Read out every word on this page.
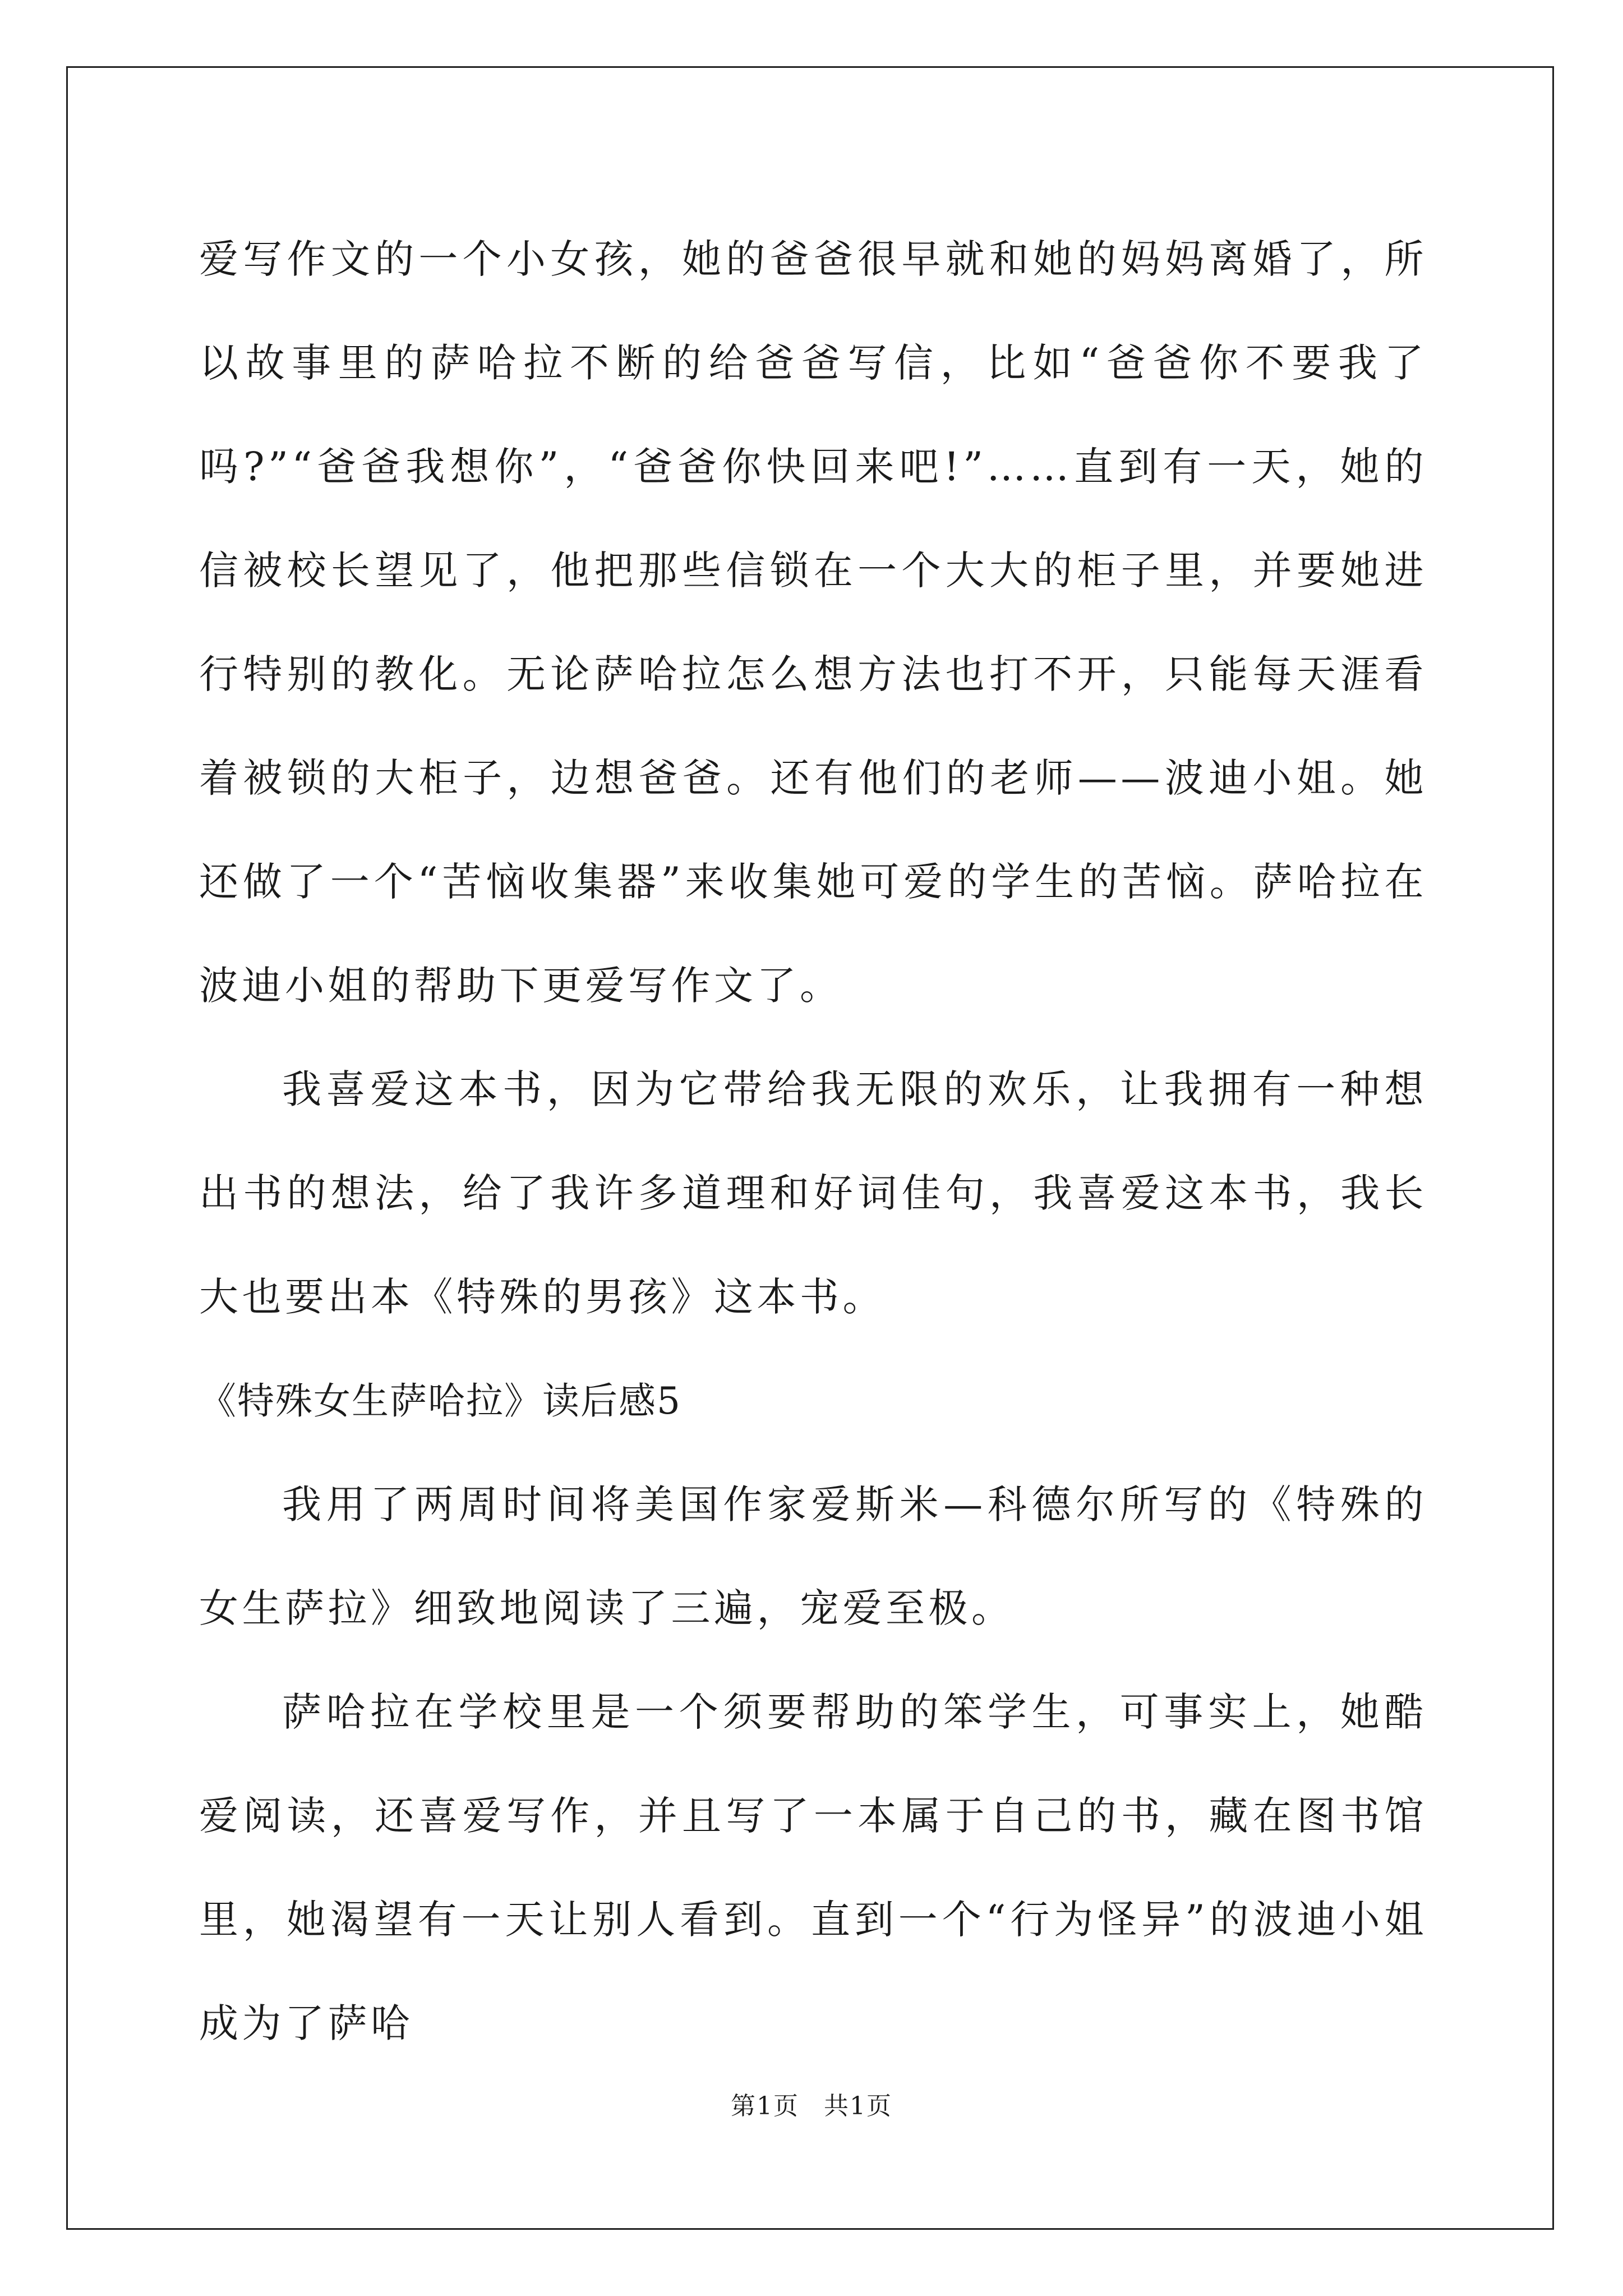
爱写作文的一个小女孩，她的爸爸很早就和她的妈妈离婚了，所以故事里的萨哈拉不断的给爸爸写信，比如“爸爸你不要我了吗?”“爸爸我想你”，“爸爸你快回来吧!”……直到有一天，她的信被校长望见了，他把那些信锁在一个大大的柜子里，并要她进行特别的教化。无论萨哈拉怎么想方法也打不开，只能每天涯看着被锁的大柜子，边想爸爸。还有他们的老师——波迪小姐。她还做了一个“苦恼收集器”来收集她可爱的学生的苦恼。萨哈拉在波迪小姐的帮助下更爱写作文了。

我喜爱这本书，因为它带给我无限的欢乐，让我拥有一种想出书的想法，给了我许多道理和好词佳句，我喜爱这本书，我长大也要出本《特殊的男孩》这本书。

《特殊女生萨哈拉》读后感5

我用了两周时间将美国作家爱斯米—科德尔所写的《特殊的女生萨拉》细致地阅读了三遍，宠爱至极。

萨哈拉在学校里是一个须要帮助的笨学生，可事实上，她酷爱阅读，还喜爱写作，并且写了一本属于自己的书，藏在图书馆里，她渴望有一天让别人看到。直到一个“行为怪异”的波迪小姐成为了萨哈

第1页 共1页
